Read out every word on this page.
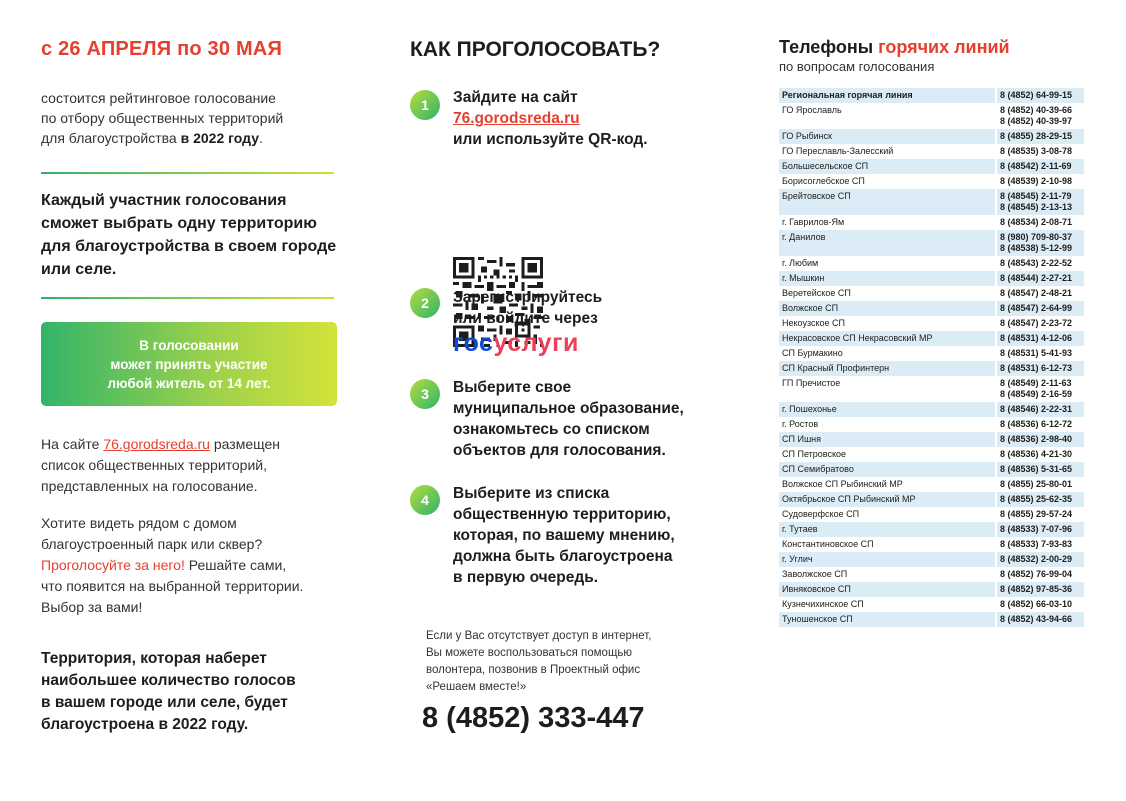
с 26 АПРЕЛЯ по 30 МАЯ
состоится рейтинговое голосование
по отбору общественных территорий
для благоустройства в 2022 году.
Каждый участник голосования
сможет выбрать одну территорию
для благоустройства в своем городе
или селе.
В голосовании
может принять участие
любой житель от 14 лет.
На сайте 76.gorodsreda.ru размещен
список общественных территорий,
представленных на голосование.
Хотите видеть рядом с домом
благоустроенный парк или сквер?
Проголосуйте за него! Решайте сами,
что появится на выбранной территории.
Выбор за вами!
Территория, которая наберет
наибольшее количество голосов
в вашем городе или селе, будет
благоустроена в 2022 году.
КАК ПРОГОЛОСОВАТЬ?
1	Зайдите на сайт
76.gorodsreda.ru
или используйте QR-код.
2	Зарегистрируйтесь
или войдите через
госуслуги
3	Выберите свое
муниципальное образование,
ознакомьтесь со списком
объектов для голосования.
4	Выберите из списка
общественную территорию,
которая, по вашему мнению,
должна быть благоустроена
в первую очередь.
Если у Вас отсутствует доступ в интернет,
Вы можете воспользоваться помощью
волонтера, позвонив в Проектный офис
«Решаем вместе!»
8 (4852) 333-447
Телефоны горячих линий
по вопросам голосования
Региональная горячая линия	8 (4852) 64-99-15

ГО Ярославль	8 (4852) 40-39-66
8 (4852) 40-39-97

ГО Рыбинск	8 (4855) 28-29-15

ГО Переславль-Залесский	8 (48535) 3-08-78

Большесельское СП	8 (48542) 2-11-69

Борисоглебское СП	8 (48539) 2-10-98

Брейтовское СП	8 (48545) 2-11-79
8 (48545) 2-13-13

г. Гаврилов-Ям	8 (48534) 2-08-71

г. Данилов	8 (980) 709-80-37
8 (48538) 5-12-99

г. Любим	8 (48543) 2-22-52

г. Мышкин	8 (48544) 2-27-21

Веретейское СП	8 (48547) 2-48-21

Волжское СП	8 (48547) 2-64-99

Некоузское СП	8 (48547) 2-23-72

Некрасовское СП Некрасовский МР	8 (48531) 4-12-06

СП Бурмакино	8 (48531) 5-41-93

СП Красный Профинтерн	8 (48531) 6-12-73

ГП Пречистое	8 (48549) 2-11-63
8 (48549) 2-16-59

г. Пошехонье	8 (48546) 2-22-31

г. Ростов	8 (48536) 6-12-72

СП Ишня	8 (48536) 2-98-40

СП Петровское	8 (48536) 4-21-30

СП Семибратово	8 (48536) 5-31-65

Волжское СП Рыбинский МР	8 (4855) 25-80-01

Октябрьское СП Рыбинский МР	8 (4855) 25-62-35

Судоверфское СП	8 (4855) 29-57-24

г. Тутаев	8 (48533) 7-07-96

Константиновское СП	8 (48533) 7-93-83

г. Углич	8 (48532) 2-00-29

Заволжское СП	8 (4852) 76-99-04

Ивняковское СП	8 (4852) 97-85-36

Кузнечихинское СП	8 (4852) 66-03-10

Туношенское СП	8 (4852) 43-94-66
